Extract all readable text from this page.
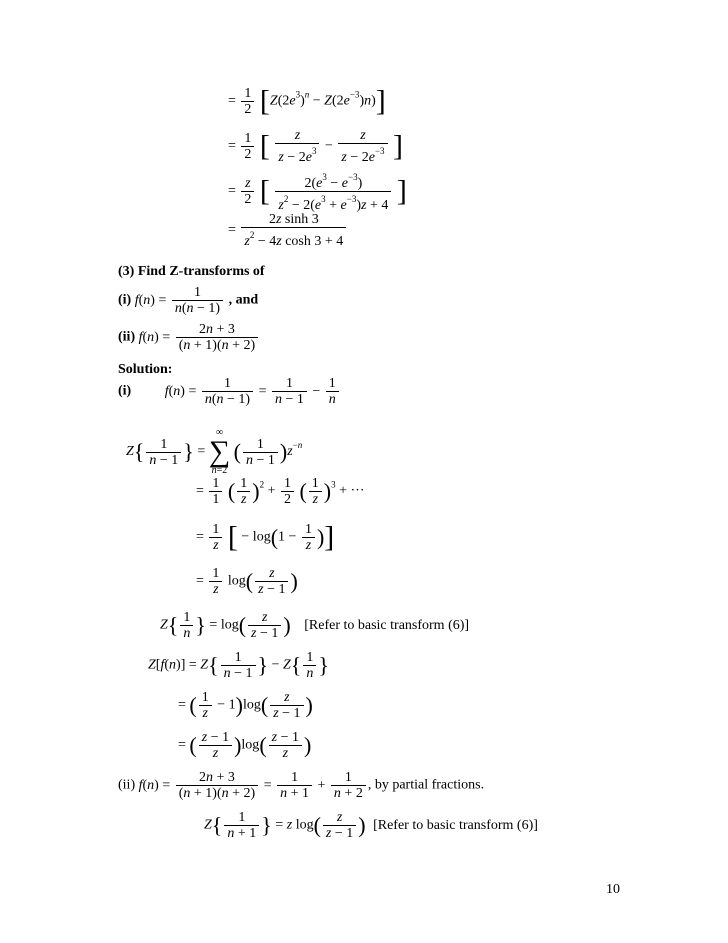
= $\frac{1}{2} [Z(2e^3)^n - Z(2e^{-3})n)$]
= $\frac{1}{2}$ [ $\frac{z}{z - 2e^3} - \frac{z}{z - 2e^{-3}}$ ]
= $\frac{z}{2}$ [ $\frac{2(e^3 - e^{-3})}{z^2 - 2(e^3 + e^{-3})z + 4}$ ]
= $\frac{\text{2z sinh 3}}{z^2 - 4z \cosh 3 + 4}$
(3) Find Z-transforms of
(i) $f(n) = \frac{1}{n(n - 1)}$ , and
(ii) $f(n) = \frac{2n + 3}{(n + 1)(n + 2)}$
Solution:
(i) $f(n) = \frac{1}{n(n - 1)} = \frac{1}{n - 1} - \frac{1}{n}$
$Z\{ \frac{1}{n - 1}$ } = ∞
∑
n=2 ( $\frac{1}{n - 1} )z^{-n}$
= $\frac{1}{1}$ ( $\frac{1}{z} )^2 + \frac{1}{2}$ ( $\frac{1}{z} )^3$ + ···
= $\frac{1}{z}$ [ − $\log(1 - \frac{1}{z}$ )]
= $\frac{1}{z} \log( \frac{z}{z - 1}$ )
$Z\{ \frac{1}{n}$ } = $\log( \frac{z}{z - 1}$ ) [Refer to basic transform (6)]
$Z[f(n)] = Z\{ \frac{1}{n - 1}$ } − $Z\{ \frac{1}{n}$ }
= ( $\frac{1}{z} - 1)\log( \frac{z}{z - 1}$ )
= ( $\frac{z - 1}{z} )\log( \frac{z - 1}{z}$ )
(ii) $f(n) = \frac{2n + 3}{(n + 1)(n + 2)} = \frac{1}{n + 1} + \frac{1}{n + 2}$ , by partial fractions.
$Z\{ \frac{1}{n + 1}$ } = z $\log( \frac{z}{z - 1}$ ) [Refer to basic transform (6)]
10
